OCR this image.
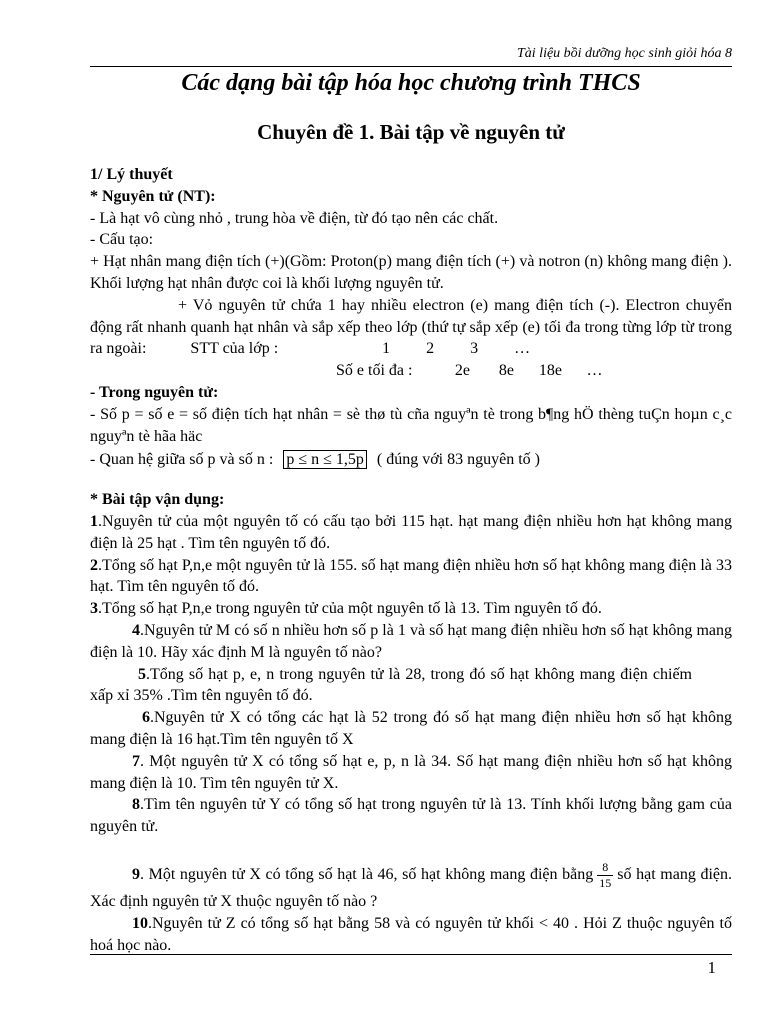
Tài liệu bồi dưỡng học sinh giỏi hóa 8
Các dạng bài tập hóa học chương trình THCS
Chuyên đề 1. Bài tập về nguyên tử

1/ Lý thuyết

* Nguyên tử (NT):

- Là hạt vô cùng nhỏ , trung hòa về điện, từ đó tạo nên các chất.

- Cấu tạo:

+ Hạt nhân mang điện tích (+)(Gồm: Proton(p) mang điện tích (+) và notron (n) không mang điện ). Khối lượng hạt nhân được coi là khối lượng nguyên tử.

+ Vỏ nguyên tử chứa 1 hay nhiều electron (e) mang điện tích (-). Electron chuyển động rất nhanh quanh hạt nhân và sắp xếp theo lớp (thứ tự sắp xếp (e) tối đa trong từng lớp từ trong ra ngoài:	STT của lớp :	1 2 3 …

Số e tối đa :	2e 8e 18e …

- Trong nguyên tử:

- Số p = số e = số điện tích hạt nhân = sè thø tù cña nguyªn tè trong b¶ng hÖ thèng tuÇn hoµn c¸c nguyªn tè hãa häc

- Quan hệ giữa số p và số n : p ≤ n ≤ 1,5p ( đúng với 83 nguyên tố )

* Bài tập vận dụng:

1.Nguyên tử của một nguyên tố có cấu tạo bởi 115 hạt. hạt mang điện nhiều hơn hạt không mang điện là 25 hạt . Tìm tên nguyên tố đó.

2.Tổng số hạt P,n,e một nguyên tử là 155. số hạt mang điện nhiều hơn số hạt không mang điện là 33 hạt. Tìm tên nguyên tố đó.

3.Tổng số hạt P,n,e trong nguyên tử của một nguyên tố là 13. Tìm nguyên tố đó.

4.Nguyên tử M có số n nhiều hơn số p là 1 và số hạt mang điện nhiều hơn số hạt không mang điện là 10. Hãy xác định M là nguyên tố nào?

5.Tổng số hạt p, e, n trong nguyên tử là 28, trong đó số hạt không mang điện chiếm xấp xỉ 35% .Tìm tên nguyên tố đó.

6.Nguyên tử X có tổng các hạt là 52 trong đó số hạt mang điện nhiều hơn số hạt không mang điện là 16 hạt.Tìm tên nguyên tố X

7. Một nguyên tử X có tổng số hạt e, p, n là 34. Số hạt mang điện nhiều hơn số hạt không mang điện là 10. Tìm tên nguyên tử X.

8.Tìm tên nguyên tử Y có tổng số hạt trong nguyên tử là 13. Tính khối lượng bằng gam của nguyên tử.

9. Một nguyên tử X có tổng số hạt là 46, số hạt không mang điện bằng $\frac{8}{15}$ số hạt mang điện. Xác định nguyên tử X thuộc nguyên tố nào ?

10.Nguyên tử Z có tổng số hạt bằng 58 và có nguyên tử khối < 40 . Hỏi Z thuộc nguyên tố hoá học nào.

1
